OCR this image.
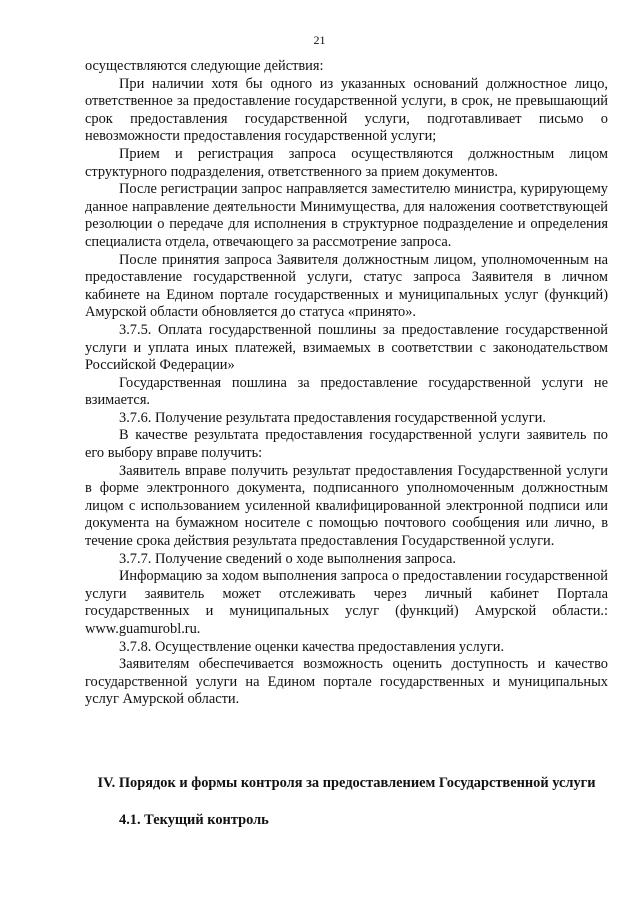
21

осуществляются следующие действия:

При наличии хотя бы одного из указанных оснований должностное лицо, ответственное за предоставление государственной услуги, в срок, не превышающий срок предоставления государственной услуги, подготавливает письмо о невозможности предоставления государственной услуги;

Прием и регистрация запроса осуществляются должностным лицом структурного подразделения, ответственного за прием документов.

После регистрации запрос направляется заместителю министра, курирующему данное направление деятельности Минимущества, для наложения соответствующей резолюции о передаче для исполнения в структурное подразделение и определения специалиста отдела, отвечающего за рассмотрение запроса.

После принятия запроса Заявителя должностным лицом, уполномоченным на предоставление государственной услуги, статус запроса Заявителя в личном кабинете на Едином портале государственных и муниципальных услуг (функций) Амурской области обновляется до статуса «принято».

3.7.5. Оплата государственной пошлины за предоставление государственной услуги и уплата иных платежей, взимаемых в соответствии с законодательством Российской Федерации»

Государственная пошлина за предоставление государственной услуги не взимается.

3.7.6. Получение результата предоставления государственной услуги.

В качестве результата предоставления государственной услуги заявитель по его выбору вправе получить:

Заявитель вправе получить результат предоставления Государственной услуги в форме электронного документа, подписанного уполномоченным должностным лицом с использованием усиленной квалифицированной электронной подписи или документа на бумажном носителе с помощью почтового сообщения или лично, в течение срока действия результата предоставления Государственной услуги.

3.7.7. Получение сведений о ходе выполнения запроса.

Информацию за ходом выполнения запроса о предоставлении государственной услуги заявитель может отслеживать через личный кабинет Портала государственных и муниципальных услуг (функций) Амурской области.: www.guamurobl.ru.

3.7.8. Осуществление оценки качества предоставления услуги.

Заявителям обеспечивается возможность оценить доступность и качество государственной услуги на Едином портале государственных и муниципальных услуг Амурской области.

IV. Порядок и формы контроля за предоставлением Государственной услуги

4.1. Текущий контроль
